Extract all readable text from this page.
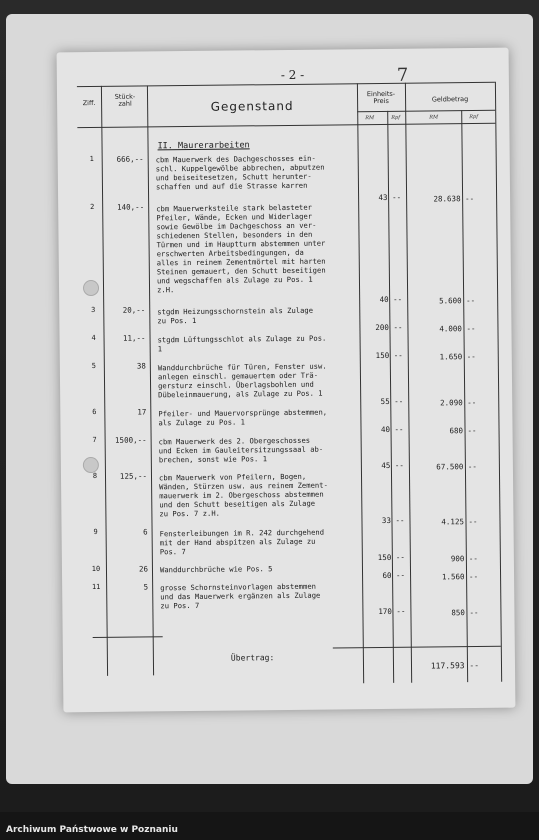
- 2 -	7
Ziff.
Stück-
zahl	Gegenstand
Einheits-
Preis	Geldbetrag
RM	Rpf	RM	Rpf
II. Maurerarbeiten
1	666,-- cbm Mauerwerk des Dachgeschosses ein-
schl. Kuppelgewölbe abbrechen, abputzen
und beiseitesetzen, Schutt herunter-
schaffen und auf die Strasse karren
43 --	28.638 --
2	140,-- cbm Mauerwerksteile stark belasteter
Pfeiler, Wände, Ecken und Widerlager
sowie Gewölbe im Dachgeschoss an ver-
schiedenen Stellen, besonders in den
Türmen und im Hauptturm abstemmen unter
erschwerten Arbeitsbedingungen, da
alles in reinem Zementmörtel mit harten
Steinen gemauert, den Schutt beseitigen
und wegschaffen als Zulage zu Pos. 1
z.H.
40 --	5.600 --
3	20,-- stgdm Heizungsschornstein als Zulage
zu Pos. 1
200 --	4.000 --
4	11,-- stgdm Lüftungsschlot als Zulage zu Pos.
1
150 --	1.650 --
5	38 Wanddurchbrüche für Türen, Fenster usw.
anlegen einschl. gemauertem oder Trä-
gersturz einschl. Überlagsbohlen und
Dübeleinmauerung, als Zulage zu Pos. 1
55 --	2.090 --
6	17 Pfeiler- und Mauervorsprünge abstemmen,
als Zulage zu Pos. 1
40 --	680 --
7	1500,-- cbm Mauerwerk des 2. Obergeschosses
und Ecken im Gauleitersitzungssaal ab-
brechen, sonst wie Pos. 1
45 --	67.500 --
8	125,-- cbm Mauerwerk von Pfeilern, Bogen,
Wänden, Stürzen usw. aus reinem Zement-
mauerwerk im 2. Obergeschoss abstemmen
und den Schutt beseitigen als Zulage
zu Pos. 7 z.H.
33 --	4.125 --
9	6 Fensterleibungen im R. 242 durchgehend
mit der Hand abspitzen als Zulage zu
Pos. 7
150 --	900 --
10	26 Wanddurchbrüche wie Pos. 5
60 --	1.560 --
11	5 grosse Schornsteinvorlagen abstemmen
und das Mauerwerk ergänzen als Zulage
zu Pos. 7
170 --	850 --
Übertrag:
117.593 --
Archiwum Państwowe w Poznaniu
